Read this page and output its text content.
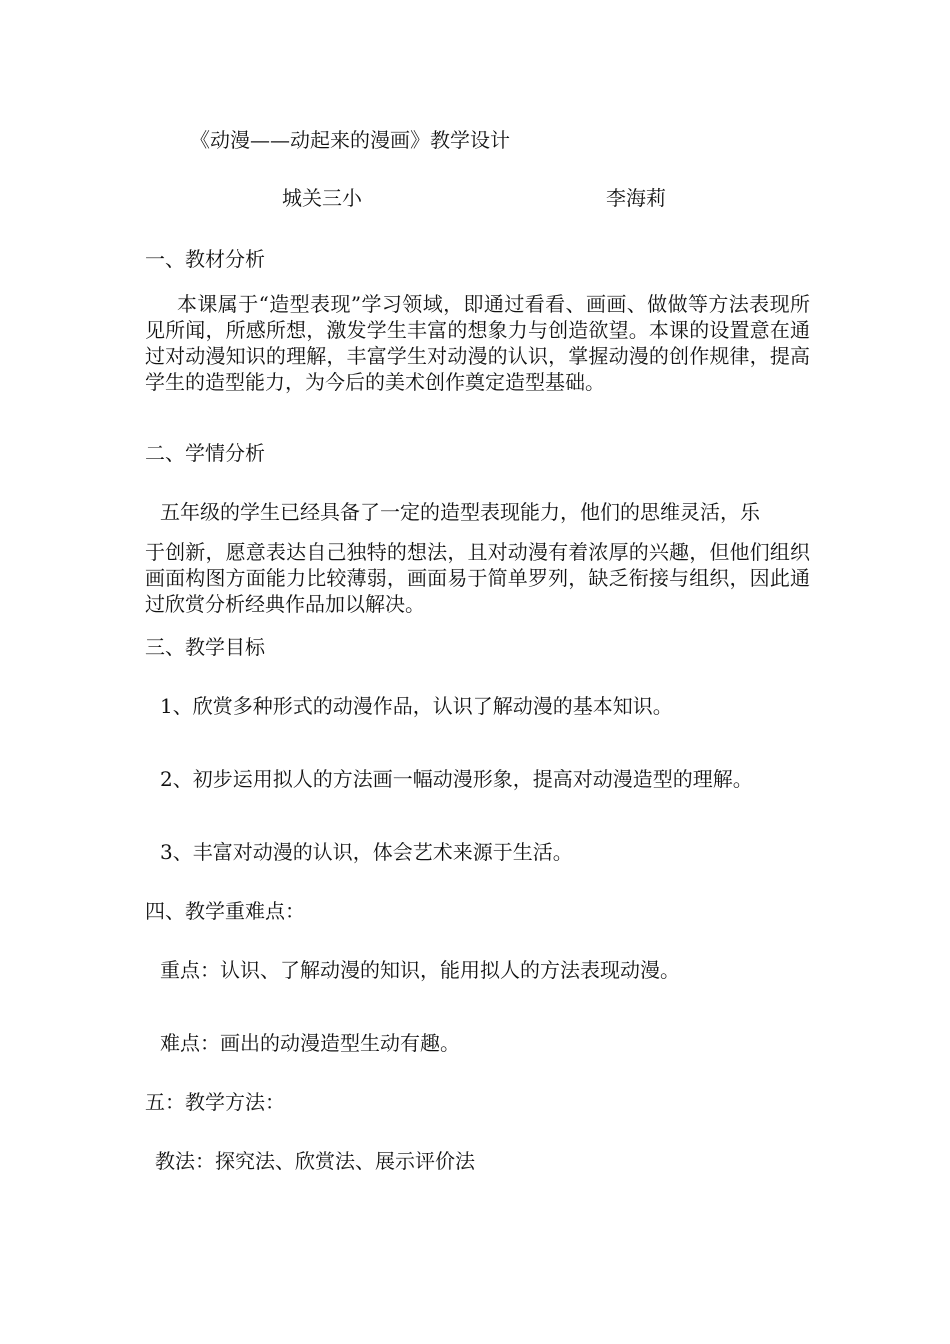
《动漫——动起来的漫画》教学设计
城关三小	李海莉
一、教材分析

本课属于“造型表现”学习领域，即通过看看、画画、做做等方法表现所见所闻，所感所想，激发学生丰富的想象力与创造欲望。本课的设置意在通过对动漫知识的理解，丰富学生对动漫的认识，掌握动漫的创作规律，提高学生的造型能力，为今后的美术创作奠定造型基础。

二、学情分析
五年级的学生已经具备了一定的造型表现能力，他们的思维灵活，乐

于创新，愿意表达自己独特的想法，且对动漫有着浓厚的兴趣，但他们组织画面构图方面能力比较薄弱，画面易于简单罗列，缺乏衔接与组织，因此通过欣赏分析经典作品加以解决。

三、教学目标
1、欣赏多种形式的动漫作品，认识了解动漫的基本知识。
2、初步运用拟人的方法画一幅动漫形象，提高对动漫造型的理解。
3、丰富对动漫的认识，体会艺术来源于生活。
四、教学重难点：
重点：认识、了解动漫的知识，能用拟人的方法表现动漫。
难点：画出的动漫造型生动有趣。
五：教学方法：
教法：探究法、欣赏法、展示评价法
